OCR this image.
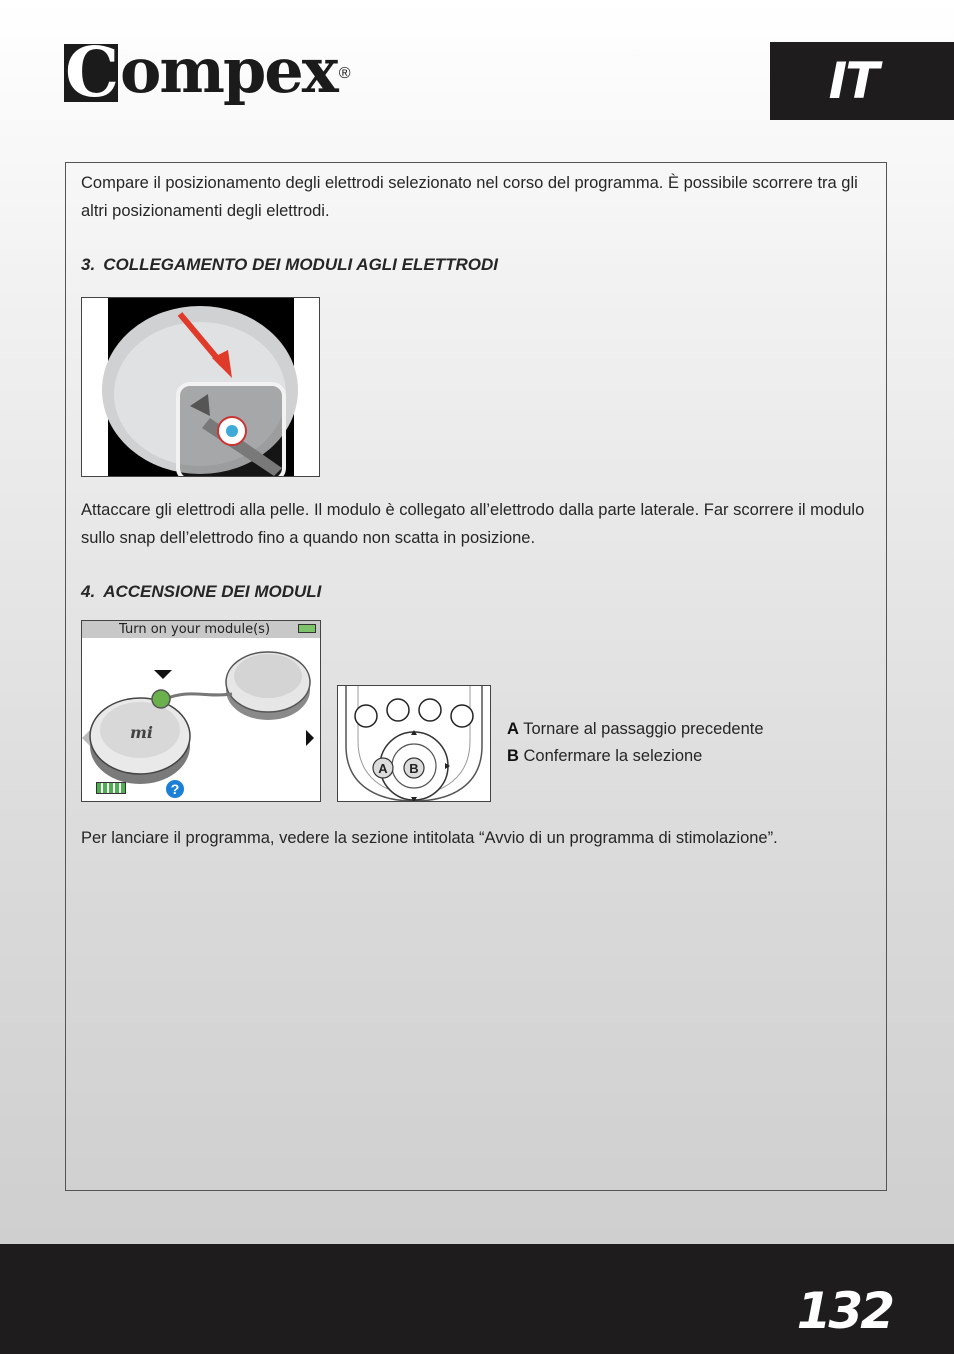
C ompex ®	IT
Compare il posizionamento degli elettrodi selezionato nel corso del programma. È possibile scorrere tra gli altri posizionamenti degli elettrodi.
3. COLLEGAMENTO DEI MODULI AGLI ELETTRODI
Attaccare gli elettrodi alla pelle. Il modulo è collegato all’elettrodo dalla parte laterale. Far scorrere il modulo sullo snap dell’elettrodo fino a quando non scatta in posizione.
4. ACCENSIONE DEI MODULI
Turn on your module(s)
mi
?
A B
A Tornare al passaggio precedente
B Confermare la selezione
Per lanciare il programma, vedere la sezione intitolata “Avvio di un programma di stimolazione”.
132
